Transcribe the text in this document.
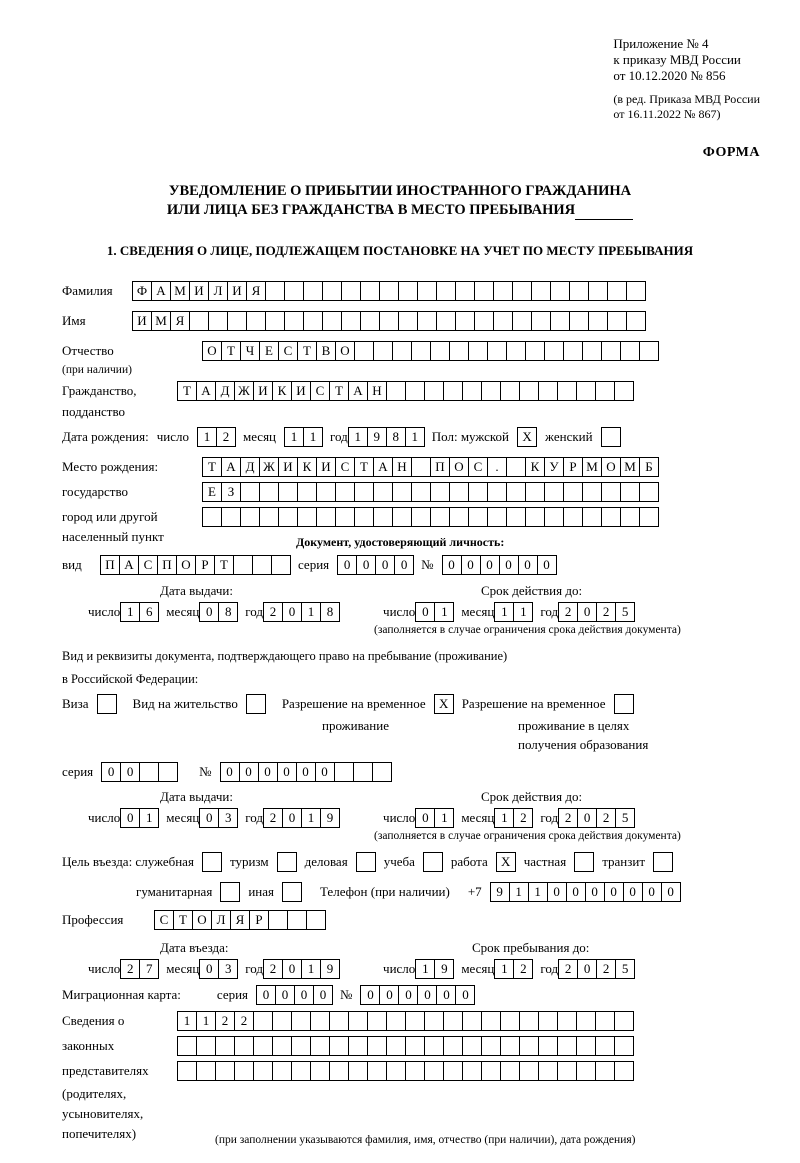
Приложение № 4
к приказу МВД России
от 10.12.2020 № 856
(в ред. Приказа МВД России
от 16.11.2022 № 867)
ФОРМА
УВЕДОМЛЕНИЕ О ПРИБЫТИИ ИНОСТРАННОГО ГРАЖДАНИНА
ИЛИ ЛИЦА БЕЗ ГРАЖДАНСТВА В МЕСТО ПРЕБЫВАНИЯ
1. СВЕДЕНИЯ О ЛИЦЕ, ПОДЛЕЖАЩЕМ ПОСТАНОВКЕ НА УЧЕТ ПО МЕСТУ ПРЕБЫВАНИЯ
Фамилия	Ф А М И Л И Я
Имя	И М Я
Отчество	О Т Ч Е С Т В О
(при наличии)
Гражданство,	Т А Д Ж И К И С Т А Н
подданство
Дата рождения: число	1 2	месяц	1 1	год 1 9 8 1	Пол: мужской	X	женский
Место рождения:	Т А Д Ж И К И С Т А Н	П О С	.	К У Р М О М Б
государство	Е З
город или другой
населенный пункт	Документ, удостоверяющий личность:
вид	П А С П О Р Т	серия	0 0 0 0	№	0 0 0 0 0 0
Дата выдачи:	Срок действия до:
число 1 6	месяц 0 8	год 2 0 1 8	число 0 1	месяц 1 1	год 2 0 2 5
(заполняется в случае ограничения срока действия документа)
Вид и реквизиты документа, подтверждающего право на пребывание (проживание)
в Российской Федерации:
Виза	Вид на жительство	Разрешение на временное	X	Разрешение на временное
проживание	проживание в целях
получения образования
серия	0 0	№	0 0 0 0 0 0
Дата выдачи:	Срок действия до:
число 0 1	месяц 0 3	год 2 0 1 9	число 0 1	месяц 1 2	год 2 0 2 5
(заполняется в случае ограничения срока действия документа)
Цель въезда: служебная	туризм	деловая	учеба	работа	X	частная	транзит
гуманитарная	иная	Телефон (при наличии) +7	9 1 1 0 0 0 0 0 0 0
Профессия	С Т О Л Я Р
Дата въезда:	Срок пребывания до:
число 2 7	месяц 0 3	год 2 0 1 9	число 1 9	месяц 1 2	год 2 0 2 5
Миграционная карта:	серия	0 0 0 0	№	0 0 0 0 0 0
Сведения о	1 1 2 2
законных
представителях
(родителях,
усыновителях,
попечителях)	(при заполнении указываются фамилия, имя, отчество (при наличии), дата рождения)
